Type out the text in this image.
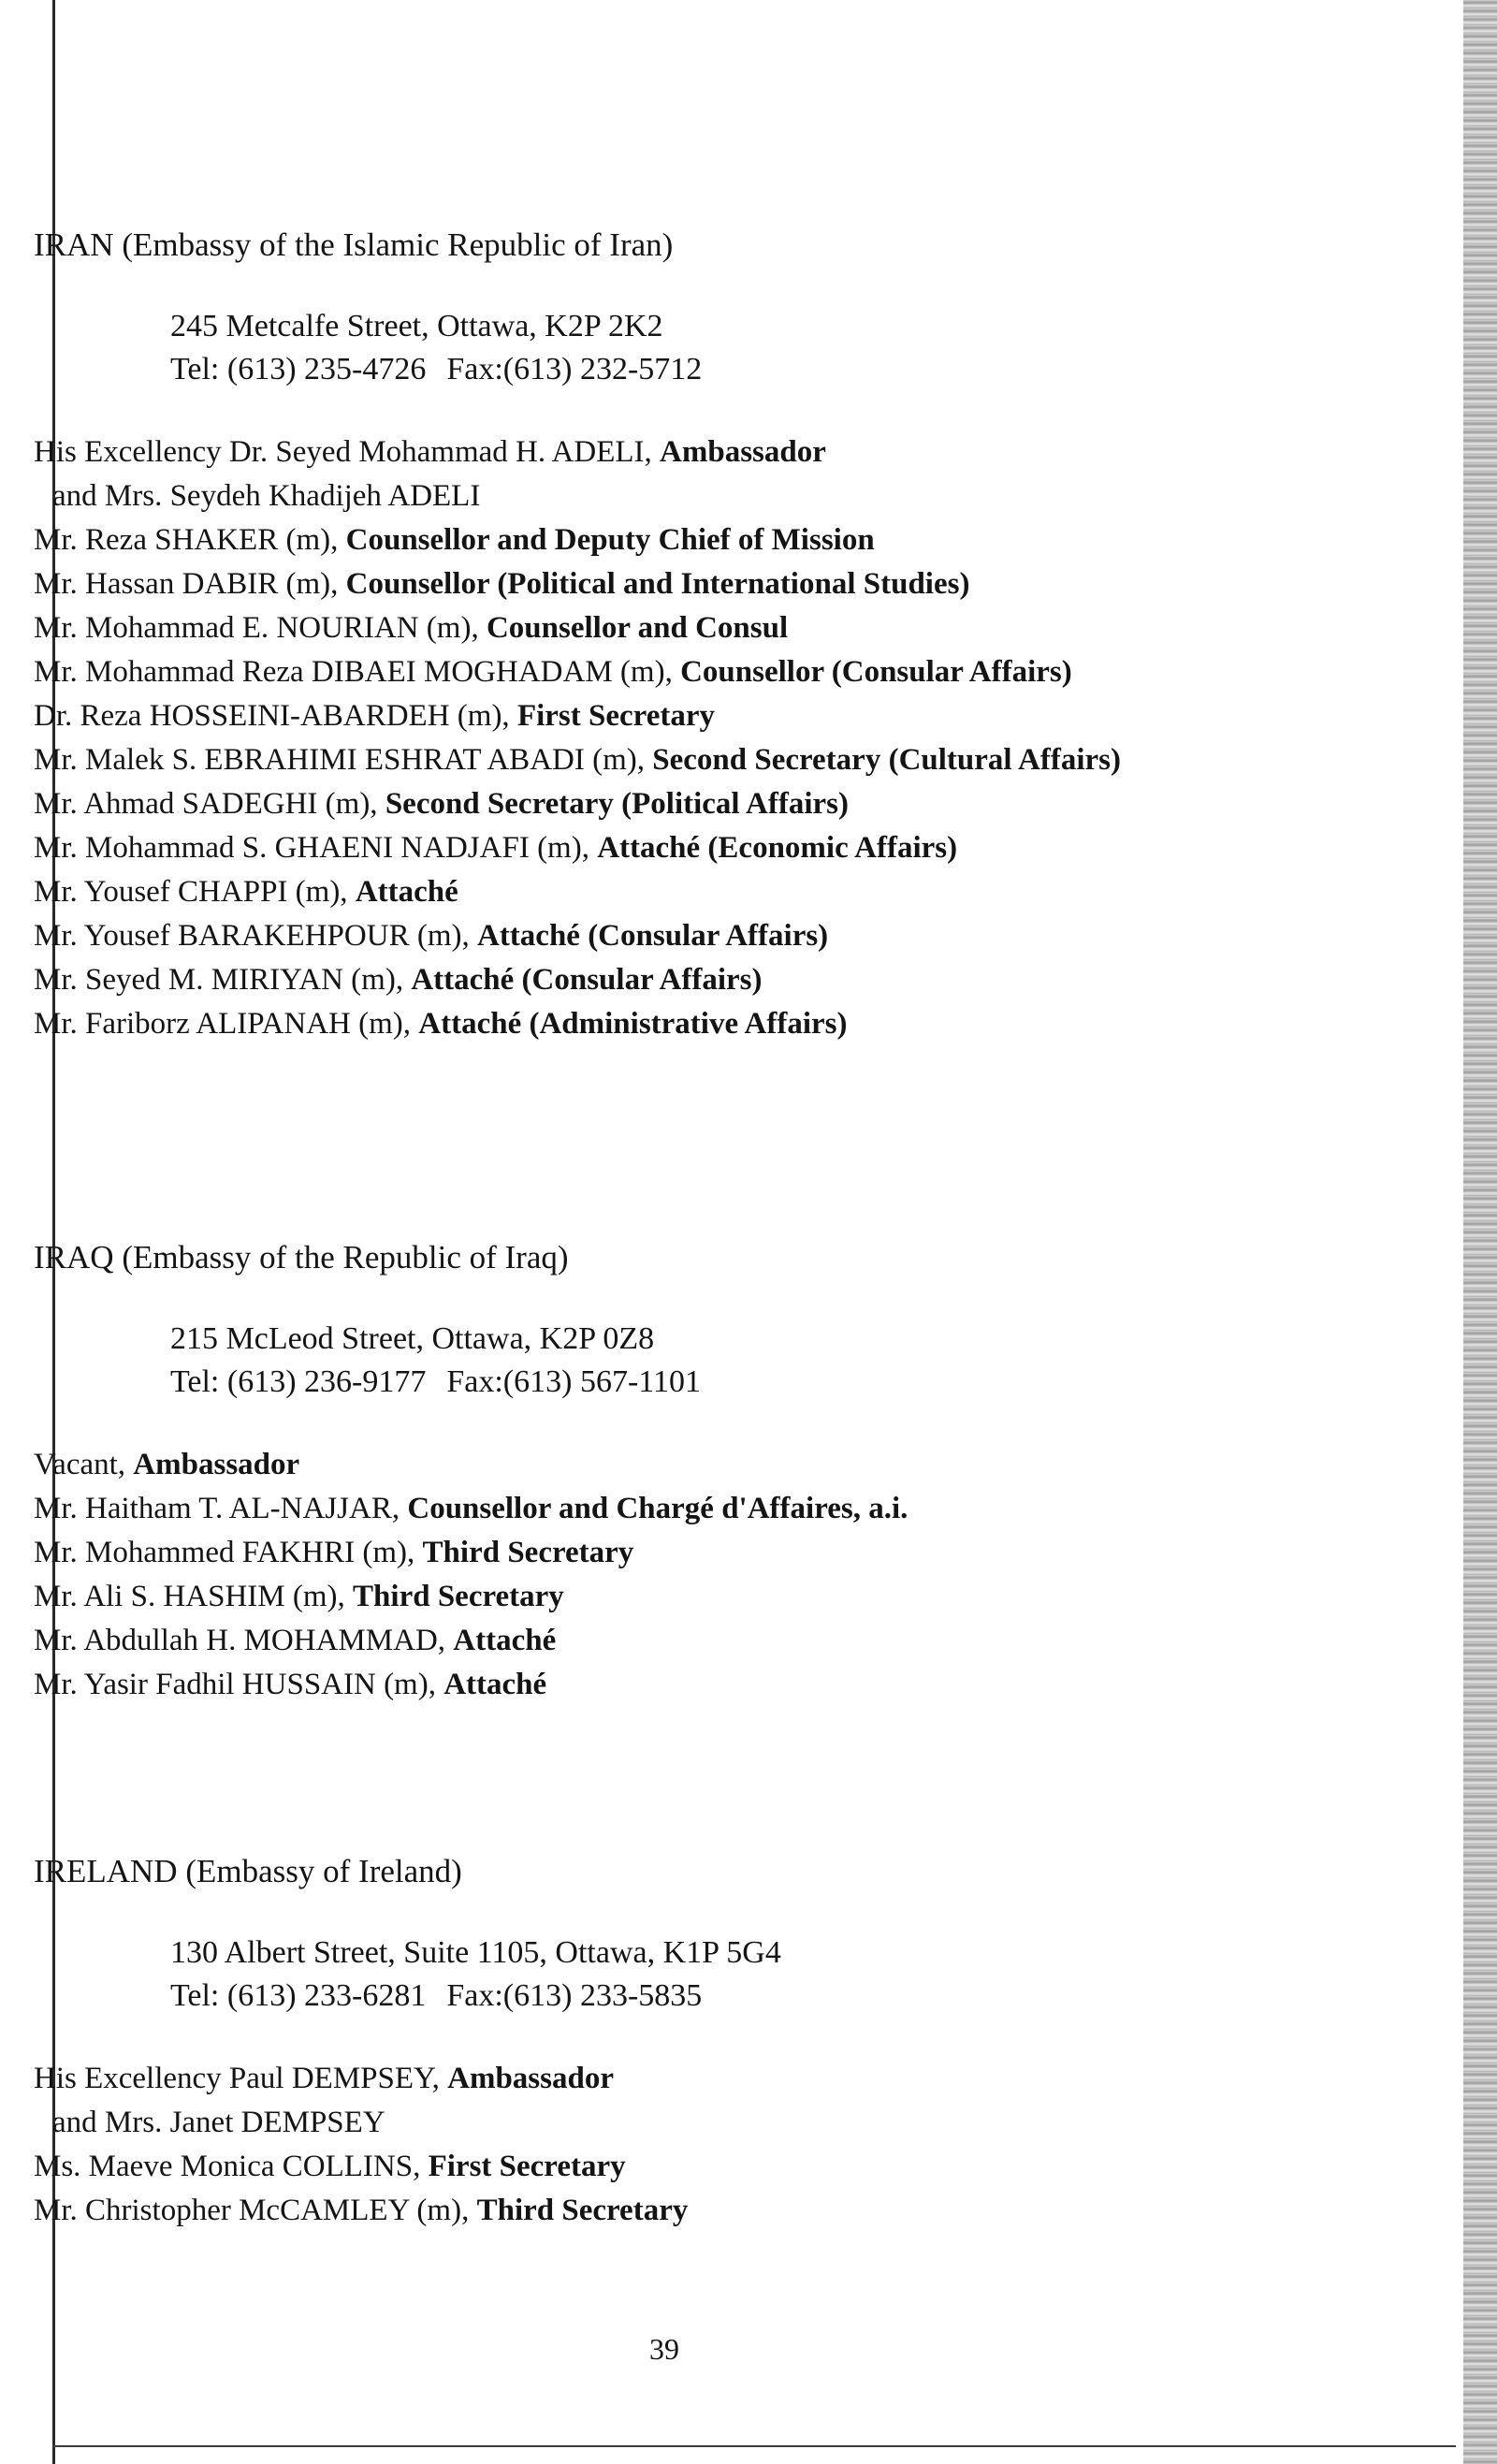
IRAN (Embassy of the Islamic Republic of Iran)
245 Metcalfe Street, Ottawa, K2P 2K2
Tel: (613) 235-4726 Fax:(613) 232-5712
His Excellency Dr. Seyed Mohammad H. ADELI, Ambassador
and Mrs. Seydeh Khadijeh ADELI
Mr. Reza SHAKER (m), Counsellor and Deputy Chief of Mission
Mr. Hassan DABIR (m), Counsellor (Political and International Studies)
Mr. Mohammad E. NOURIAN (m), Counsellor and Consul
Mr. Mohammad Reza DIBAEI MOGHADAM (m), Counsellor (Consular Affairs)
Dr. Reza HOSSEINI-ABARDEH (m), First Secretary
Mr. Malek S. EBRAHIMI ESHRAT ABADI (m), Second Secretary (Cultural Affairs)
Mr. Ahmad SADEGHI (m), Second Secretary (Political Affairs)
Mr. Mohammad S. GHAENI NADJAFI (m), Attaché (Economic Affairs)
Mr. Yousef CHAPPI (m), Attaché
Mr. Yousef BARAKEHPOUR (m), Attaché (Consular Affairs)
Mr. Seyed M. MIRIYAN (m), Attaché (Consular Affairs)
Mr. Fariborz ALIPANAH (m), Attaché (Administrative Affairs)
IRAQ (Embassy of the Republic of Iraq)
215 McLeod Street, Ottawa, K2P 0Z8
Tel: (613) 236-9177 Fax:(613) 567-1101
Vacant, Ambassador
Mr. Haitham T. AL-NAJJAR, Counsellor and Chargé d'Affaires, a.i.
Mr. Mohammed FAKHRI (m), Third Secretary
Mr. Ali S. HASHIM (m), Third Secretary
Mr. Abdullah H. MOHAMMAD, Attaché
Mr. Yasir Fadhil HUSSAIN (m), Attaché
IRELAND (Embassy of Ireland)
130 Albert Street, Suite 1105, Ottawa, K1P 5G4
Tel: (613) 233-6281 Fax:(613) 233-5835
His Excellency Paul DEMPSEY, Ambassador
and Mrs. Janet DEMPSEY
Ms. Maeve Monica COLLINS, First Secretary
Mr. Christopher McCAMLEY (m), Third Secretary
39
